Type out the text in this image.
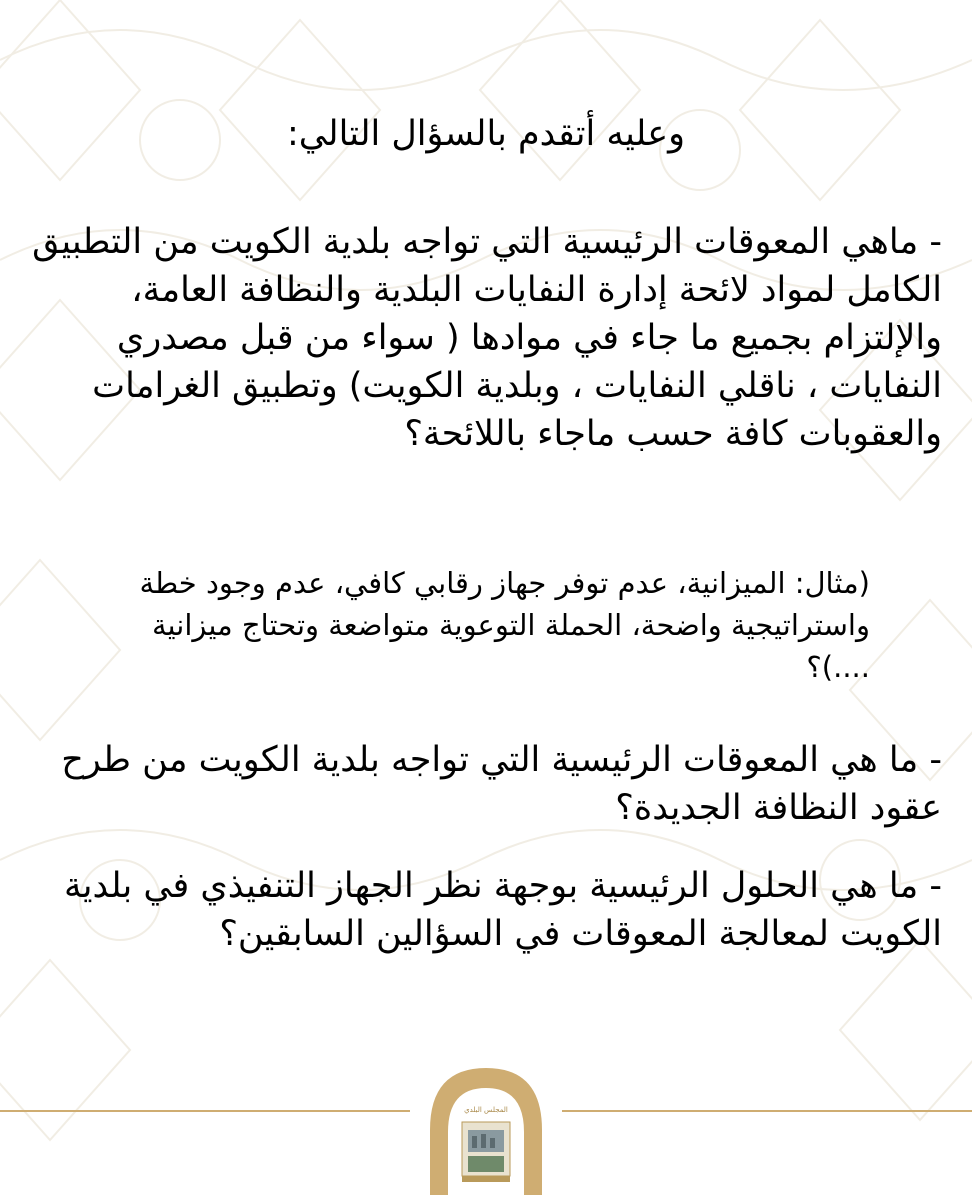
وعليه أتقدم بالسؤال التالي:

- ماهي المعوقات الرئيسية التي تواجه بلدية الكويت من التطبيق الكامل لمواد لائحة إدارة النفايات البلدية والنظافة العامة، والإلتزام بجميع ما جاء في موادها ( سواء من قبل مصدري النفايات ، ناقلي النفايات ، وبلدية الكويت) وتطبيق الغرامات والعقوبات كافة حسب ماجاء باللائحة؟

(مثال: الميزانية، عدم توفر جهاز رقابي كافي، عدم وجود خطة واستراتيجية واضحة، الحملة التوعوية متواضعة وتحتاج ميزانية ....)؟

- ما هي المعوقات الرئيسية التي تواجه بلدية الكويت من طرح عقود النظافة الجديدة؟

- ما هي الحلول الرئيسية بوجهة نظر الجهاز التنفيذي في بلدية الكويت لمعالجة المعوقات في السؤالين السابقين؟

المجلس البلدي
